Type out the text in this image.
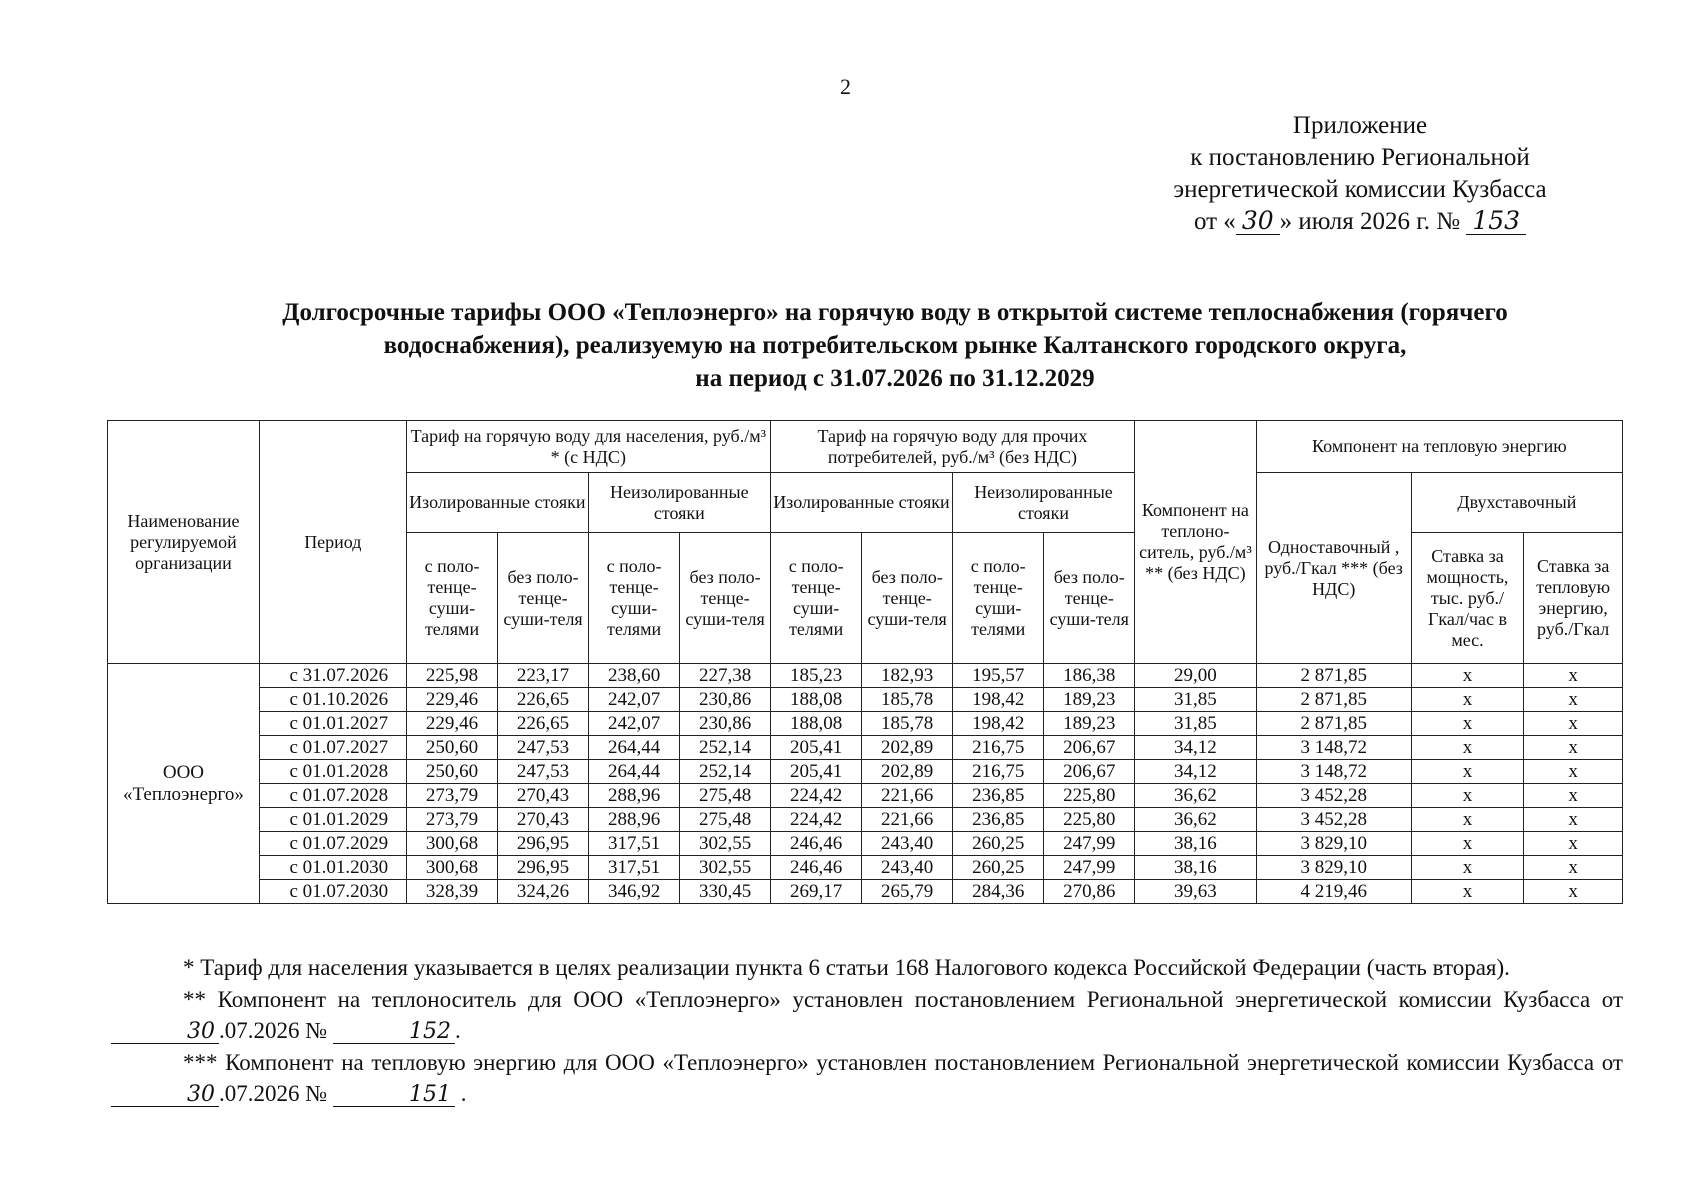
2
Приложение
к постановлению Региональной
энергетической комиссии Кузбасса
от « 30 » июля 2026 г. № 153
Долгосрочные тарифы ООО «Теплоэнерго» на горячую воду в открытой системе теплоснабжения (горячего
водоснабжения), реализуемую на потребительском рынке Калтанского городского округа,
на период с 31.07.2026 по 31.12.2029
Наименование регулируемой организации	Период	Тариф на горячую воду для населения, руб./м³ * (с НДС)				Тариф на горячую воду для прочих потребителей, руб./м³ (без НДС)				Компонент на теплоно-ситель, руб./м³ ** (без НДС)	Компонент на тепловую энергию		
		Изолированные стояки		Неизолированные стояки		Изолированные стояки		Неизолированные стояки			Одноставочный , руб./Гкал *** (без НДС)	Двухставочный	
		с поло-тенце-суши-телями	без поло-тенце-суши-теля	с поло-тенце-суши-телями	без поло-тенце-суши-теля	с поло-тенце-суши-телями	без поло-тенце-суши-теля	с поло-тенце-суши-телями	без поло-тенце-суши-теля			Ставка за мощность, тыс. руб./Гкал/час в мес.	Ставка за тепловую энергию, руб./Гкал
ООО «Теплоэнерго»	с 31.07.2026	225,98	223,17	238,60	227,38	185,23	182,93	195,57	186,38	29,00	2 871,85	х	х
	с 01.10.2026	229,46	226,65	242,07	230,86	188,08	185,78	198,42	189,23	31,85	2 871,85	х	х
	с 01.01.2027	229,46	226,65	242,07	230,86	188,08	185,78	198,42	189,23	31,85	2 871,85	х	х
	с 01.07.2027	250,60	247,53	264,44	252,14	205,41	202,89	216,75	206,67	34,12	3 148,72	х	х
	с 01.01.2028	250,60	247,53	264,44	252,14	205,41	202,89	216,75	206,67	34,12	3 148,72	х	х
	с 01.07.2028	273,79	270,43	288,96	275,48	224,42	221,66	236,85	225,80	36,62	3 452,28	х	х
	с 01.01.2029	273,79	270,43	288,96	275,48	224,42	221,66	236,85	225,80	36,62	3 452,28	х	х
	с 01.07.2029	300,68	296,95	317,51	302,55	246,46	243,40	260,25	247,99	38,16	3 829,10	х	х
	с 01.01.2030	300,68	296,95	317,51	302,55	246,46	243,40	260,25	247,99	38,16	3 829,10	х	х
	с 01.07.2030	328,39	324,26	346,92	330,45	269,17	265,79	284,36	270,86	39,63	4 219,46	х	х

* Тариф для населения указывается в целях реализации пункта 6 статьи 168 Налогового кодекса Российской Федерации (часть вторая).

** Компонент на теплоноситель для ООО «Теплоэнерго» установлен постановлением Региональной энергетической комиссии Кузбасса от 30 .07.2026 №	152 .

*** Компонент на тепловую энергию для ООО «Теплоэнерго» установлен постановлением Региональной энергетической комиссии Кузбасса от 30 .07.2026 №	151 .
